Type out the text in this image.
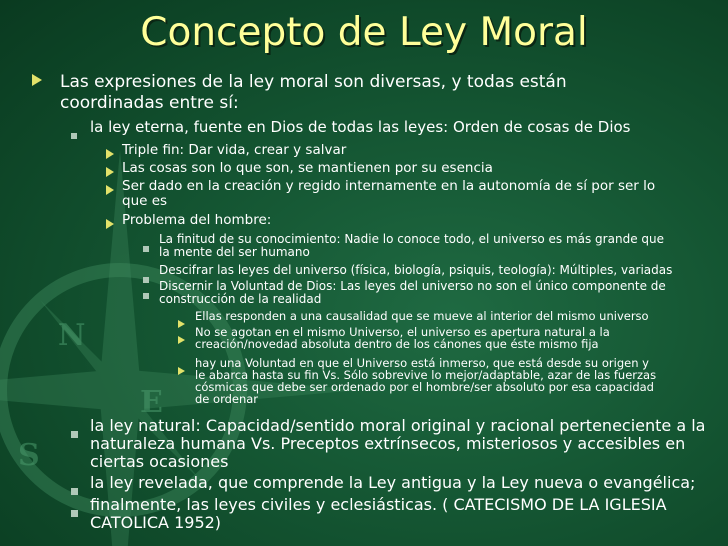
N
E
S
Concepto de Ley Moral
Las expresiones de la ley moral son diversas, y todas están
coordinadas entre sí:
la ley eterna, fuente en Dios de todas las leyes: Orden de cosas de Dios
Triple fin: Dar vida, crear y salvar
Las cosas son lo que son, se mantienen por su esencia
Ser dado en la creación y regido internamente en la autonomía de sí por ser lo
que es
Problema del hombre:
La finitud de su conocimiento: Nadie lo conoce todo, el universo es más grande que
la mente del ser humano
Descifrar las leyes del universo (física, biología, psiquis, teología): Múltiples, variadas
Discernir la Voluntad de Dios: Las leyes del universo no son el único componente de
construcción de la realidad
Ellas responden a una causalidad que se mueve al interior del mismo universo
No se agotan en el mismo Universo, el universo es apertura natural a la
creación/novedad absoluta dentro de los cánones que éste mismo fija
hay una Voluntad en que el Universo está inmerso, que está desde su origen y
le abarca hasta su fin Vs. Sólo sobrevive lo mejor/adaptable, azar de las fuerzas
cósmicas que debe ser ordenado por el hombre/ser absoluto por esa capacidad
de ordenar
la ley natural: Capacidad/sentido moral original y racional perteneciente a la
naturaleza humana Vs. Preceptos extrínsecos, misteriosos y accesibles en
ciertas ocasiones
la ley revelada, que comprende la Ley antigua y la Ley nueva o evangélica;
finalmente, las leyes civiles y eclesiásticas. ( CATECISMO DE LA IGLESIA
CATOLICA 1952)
